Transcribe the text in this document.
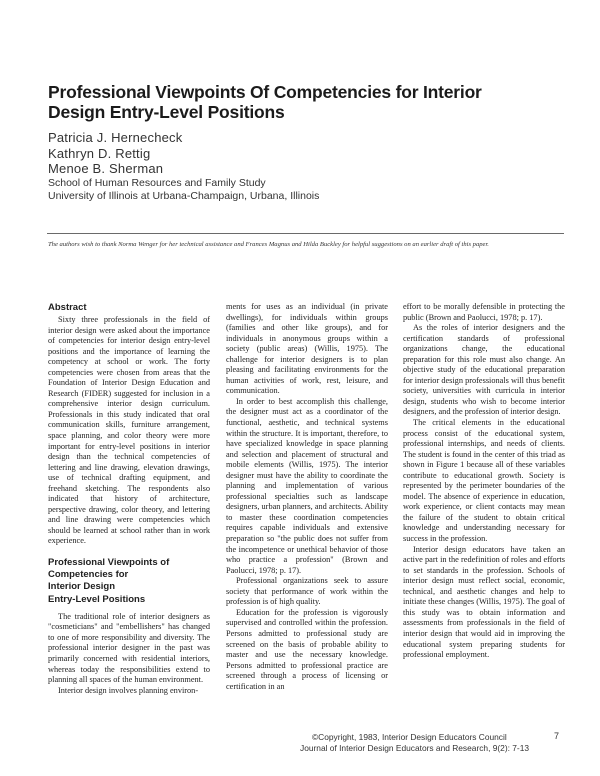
Professional Viewpoints Of Competencies for Interior Design Entry-Level Positions
Patricia J. Hernecheck
Kathryn D. Rettig
Menoe B. Sherman
School of Human Resources and Family Study
University of Illinois at Urbana-Champaign, Urbana, Illinois
The authors wish to thank Norma Wenger for her technical assistance and Frances Magnus and Hilda Buckley for helpful suggestions on an earlier draft of this paper.
Abstract

Sixty three professionals in the field of interior design were asked about the importance of competencies for interior design entry-level positions and the importance of learning the competency at school or work. The forty competencies were chosen from areas that the Foundation of Interior Design Education and Research (FIDER) suggested for inclusion in a comprehensive interior design curriculum. Professionals in this study indicated that oral communication skills, furniture arrangement, space planning, and color theory were more important for entry-level positions in interior design than the technical competencies of lettering and line drawing, elevation drawings, use of technical drafting equipment, and freehand sketching. The respondents also indicated that history of architecture, perspective drawing, color theory, and lettering and line drawing were competencies which should be learned at school rather than in work experience.

Professional Viewpoints of
Competencies for
Interior Design
Entry-Level Positions

The traditional role of interior designers as "cosmeticians" and "embellishers" has changed to one of more responsibility and diversity. The professional interior designer in the past was primarily concerned with residential interiors, whereas today the responsibilities extend to planning all spaces of the human environment.

Interior design involves planning environ-

ments for uses as an individual (in private dwellings), for individuals within groups (families and other like groups), and for individuals in anonymous groups within a society (public areas) (Willis, 1975). The challenge for interior designers is to plan pleasing and facilitating environments for the human activities of work, rest, leisure, and communication.

In order to best accomplish this challenge, the designer must act as a coordinator of the functional, aesthetic, and technical systems within the structure. It is important, therefore, to have specialized knowledge in space planning and selection and placement of structural and mobile elements (Willis, 1975). The interior designer must have the ability to coordinate the planning and implementation of various professional specialties such as landscape designers, urban planners, and architects. Ability to master these coordination competencies requires capable individuals and extensive preparation so "the public does not suffer from the incompetence or unethical behavior of those who practice a profession" (Brown and Paolucci, 1978; p. 17).

Professional organizations seek to assure society that performance of work within the profession is of high quality.

Education for the profession is vigorously supervised and controlled within the profession. Persons admitted to professional study are screened on the basis of probable ability to master and use the necessary knowledge. Persons admitted to professional practice are screened through a process of licensing or certification in an

effort to be morally defensible in protecting the public (Brown and Paolucci, 1978; p. 17).

As the roles of interior designers and the certification standards of professional organizations change, the educational preparation for this role must also change. An objective study of the educational preparation for interior design professionals will thus benefit society, universities with curricula in interior design, students who wish to become interior designers, and the profession of interior design.

The critical elements in the educational process consist of the educational system, professional internships, and needs of clients. The student is found in the center of this triad as shown in Figure 1 because all of these variables contribute to educational growth. Society is represented by the perimeter boundaries of the model. The absence of experience in education, work experience, or client contacts may mean the failure of the student to obtain critical knowledge and understanding necessary for success in the profession.

Interior design educators have taken an active part in the redefinition of roles and efforts to set standards in the profession. Schools of interior design must reflect social, economic, technical, and aesthetic changes and help to initiate these changes (Willis, 1975). The goal of this study was to obtain information and assessments from professionals in the field of interior design that would aid in improving the educational system preparing students for professional employment.

©Copyright, 1983, Interior Design Educators Council
Journal of Interior Design Educators and Research, 9(2): 7-13
7
